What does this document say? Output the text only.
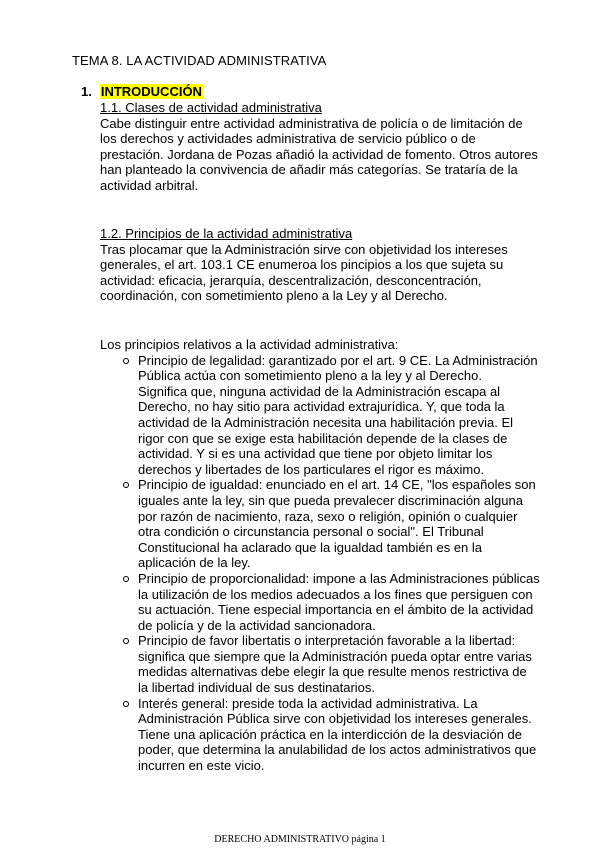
TEMA 8. LA ACTIVIDAD ADMINISTRATIVA
1. INTRODUCCIÓN
1.1. Clases de actividad administrativa
Cabe distinguir entre actividad administrativa de policía o de limitación de los derechos y actividades administrativa de servicio público o de prestación. Jordana de Pozas añadió la actividad de fomento. Otros autores han planteado la convivencia de añadir más categorías. Se trataría de la actividad arbitral.
1.2. Principios de la actividad administrativa
Tras plocamar que la Administración sirve con objetividad los intereses generales, el art. 103.1 CE enumeroa los pincipios a los que sujeta su actividad: eficacia, jerarquía, descentralización, desconcentración, coordinación, con sometimiento pleno a la Ley y al Derecho.
Los principios relativos a la actividad administrativa:
Principio de legalidad: garantizado por el art. 9 CE. La Administración Pública actúa con sometimiento pleno a la ley y al Derecho.
Significa que, ninguna actividad de la Administración escapa al Derecho, no hay sitio para actividad extrajurídica. Y, que toda la actividad de la Administración necesita una habilitación previa. El rigor con que se exige esta habilitación depende de la clases de actividad. Y si es una actividad que tiene por objeto limitar los derechos y libertades de los particulares el rigor es máximo.
Principio de igualdad: enunciado en el art. 14 CE, "los españoles son iguales ante la ley, sin que pueda prevalecer discriminación alguna por razón de nacimiento, raza, sexo o religión, opinión o cualquier otra condición o circunstancia personal o social". El Tribunal Constitucional ha aclarado que la igualdad también es en la aplicación de la ley.
Principio de proporcionalidad: impone a las Administraciones públicas la utilización de los medios adecuados a los fines que persiguen con su actuación. Tiene especial importancia en el ámbito de la actividad de policía y de la actividad sancionadora.
Principio de favor libertatis o interpretación favorable a la libertad: significa que siempre que la Administración pueda optar entre varias medidas alternativas debe elegir la que resulte menos restrictiva de la libertad individual de sus destinatarios.
Interés general: preside toda la actividad administrativa. La Administración Pública sirve con objetividad los intereses generales. Tiene una aplicación práctica en la interdicción de la desviación de poder, que determina la anulabilidad de los actos administrativos que incurren en este vicio.
DERECHO ADMINISTRATIVO página 1
